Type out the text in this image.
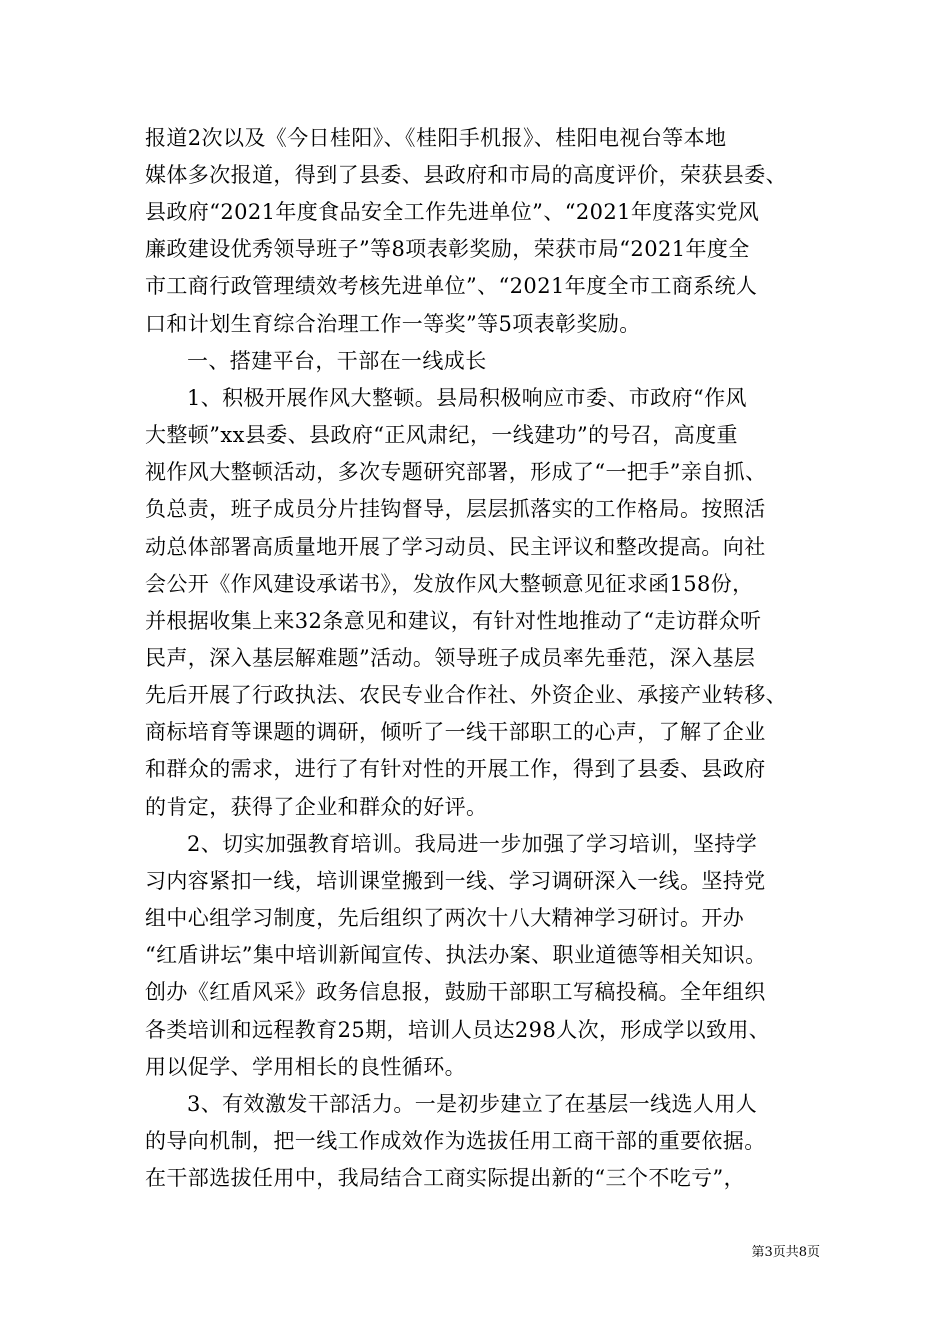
报道2次以及《今日桂阳》、《桂阳手机报》、桂阳电视台等本地
媒体多次报道，得到了县委、县政府和市局的高度评价，荣获县委、
县政府“2021年度食品安全工作先进单位”、“2021年度落实党风
廉政建设优秀领导班子”等8项表彰奖励，荣获市局“2021年度全
市工商行政管理绩效考核先进单位”、“2021年度全市工商系统人
口和计划生育综合治理工作一等奖”等5项表彰奖励。
一、搭建平台，干部在一线成长
1、积极开展作风大整顿。县局积极响应市委、市政府“作风
大整顿”xx县委、县政府“正风肃纪，一线建功”的号召，高度重
视作风大整顿活动，多次专题研究部署，形成了“一把手”亲自抓、
负总责，班子成员分片挂钩督导，层层抓落实的工作格局。按照活
动总体部署高质量地开展了学习动员、民主评议和整改提高。向社
会公开《作风建设承诺书》，发放作风大整顿意见征求函158份，
并根据收集上来32条意见和建议，有针对性地推动了“走访群众听
民声，深入基层解难题”活动。领导班子成员率先垂范，深入基层
先后开展了行政执法、农民专业合作社、外资企业、承接产业转移、
商标培育等课题的调研，倾听了一线干部职工的心声，了解了企业
和群众的需求，进行了有针对性的开展工作，得到了县委、县政府
的肯定，获得了企业和群众的好评。
2、切实加强教育培训。我局进一步加强了学习培训，坚持学
习内容紧扣一线，培训课堂搬到一线、学习调研深入一线。坚持党
组中心组学习制度，先后组织了两次十八大精神学习研讨。开办
“红盾讲坛”集中培训新闻宣传、执法办案、职业道德等相关知识。
创办《红盾风采》政务信息报，鼓励干部职工写稿投稿。全年组织
各类培训和远程教育25期，培训人员达298人次，形成学以致用、
用以促学、学用相长的良性循环。
3、有效激发干部活力。一是初步建立了在基层一线选人用人
的导向机制，把一线工作成效作为选拔任用工商干部的重要依据。
在干部选拔任用中，我局结合工商实际提出新的“三个不吃亏”，
第3页共8页
